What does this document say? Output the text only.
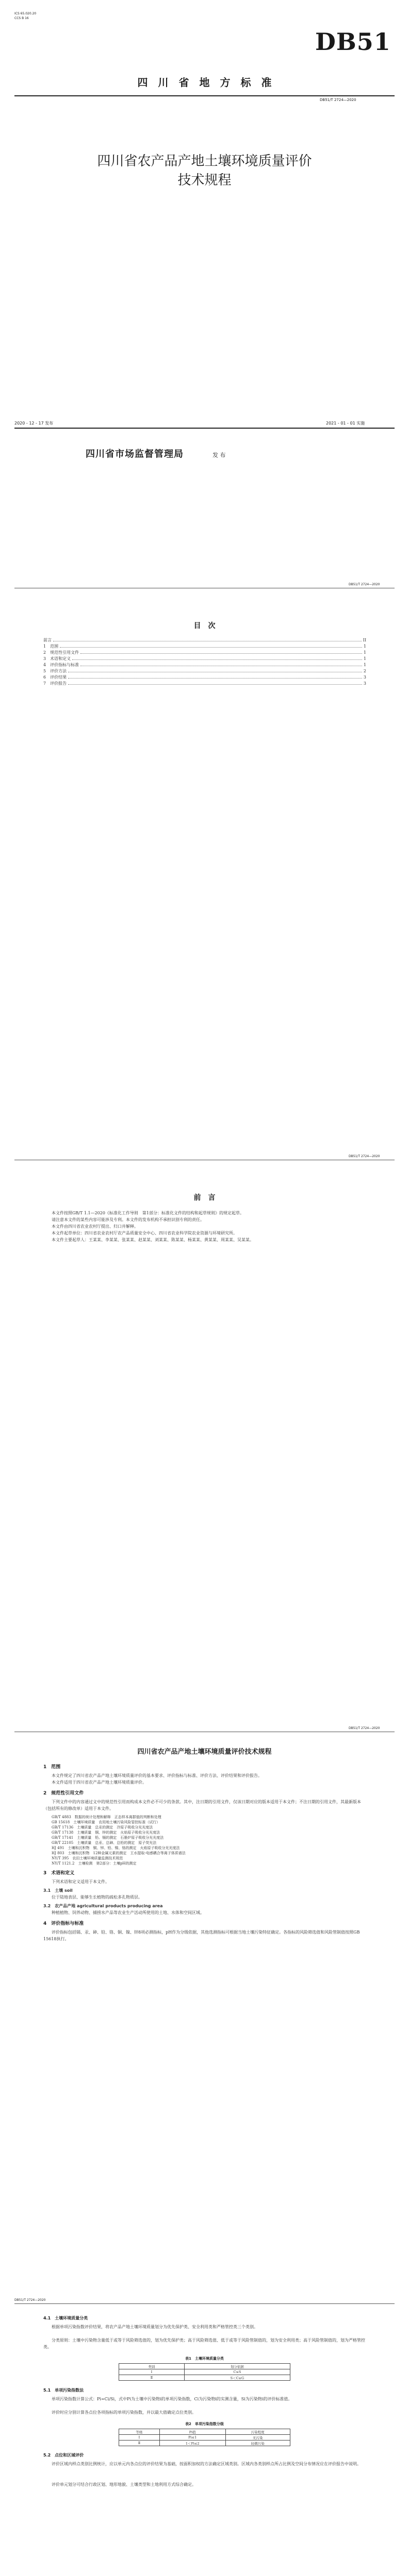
ICS 65.020.20
CCS B 16
DB51
四　川　省　地　方　标　准
DB51/T 2724—2020
四川省农产品产地土壤环境质量评价
技术规程
2020 - 12 - 17 发布	2021 - 01 - 01 实施
四川省市场监督管理局	发 布
DB51/T 2724—2020
目　次
前言	II
1　范围	1
2　规范性引用文件	1
3　术语和定义	1
4　评价指标与标准	1
5　评价方法	2
6　评价结果	3
7　评价报告	3
DB51/T 2724—2020
前　言
本文件按照GB/T 1.1—2020《标准化工作导则　第1部分：标准化文件的结构和起草规则》的规定起草。
请注意本文件的某些内容可能涉及专利。本文件的发布机构不承担识别专利的责任。
本文件由四川省农业农村厅提出、归口并解释。
本文件起草单位：四川省农业农村厅农产品质量安全中心、四川省农业科学院农业资源与环境研究所。
本文件主要起草人：王某某、李某某、张某某、赵某某、刘某某、陈某某、杨某某、黄某某、周某某、吴某某。
DB51/T 2724—2020
四川省农产品产地土壤环境质量评价技术规程
1　范围
本文件规定了四川省农产品产地土壤环境质量评价的基本要求、评价指标与标准、评价方法、评价结果和评价报告。
本文件适用于四川省农产品产地土壤环境质量评价。
2　规范性引用文件
下列文件中的内容通过文中的规范性引用而构成本文件必不可少的条款。其中，注日期的引用文件，仅该日期对应的版本适用于本文件；不注日期的引用文件，其最新版本（包括所有的修改单）适用于本文件。
GB/T 4883　数据的统计处理和解释　正态样本离群值的判断和处理
GB 15618　土壤环境质量　农用地土壤污染风险管控标准（试行）
GB/T 17136　土壤质量　总汞的测定　冷原子吸收分光光度法
GB/T 17138　土壤质量　铜、锌的测定　火焰原子吸收分光光度法
GB/T 17141　土壤质量　铅、镉的测定　石墨炉原子吸收分光光度法
GB/T 22105　土壤质量　总汞、总砷、总铅的测定　原子荧光法
HJ 491　土壤和沉积物　铜、锌、铅、镍、铬的测定　火焰原子吸收分光光度法
HJ 803　土壤和沉积物　12种金属元素的测定　王水提取-电感耦合等离子体质谱法
NY/T 395　农田土壤环境质量监测技术规范
NY/T 1121.2　土壤检测　第2部分：土壤pH的测定
3　术语和定义
下列术语和定义适用于本文件。
3.1　土壤 soil
位于陆地表层、能够生长植物的疏松多孔物质层。
3.2　农产品产地 agricultural products producing area
种植植物、饲养动物、捕捞水产品等农业生产活动所使用的土地、水体和空间区域。
4　评价指标与标准
评价指标包括镉、汞、砷、铅、铬、铜、镍、锌8项必测指标，pH作为分级依据，其他选测指标可根据当地土壤污染特征确定。各指标的风险筛选值和风险管制值按照GB 15618执行。
DB51/T 2724—2020
4.1　土壤环境质量分类
根据单项污染指数评价结果，将农产品产地土壤环境质量划分为优先保护类、安全利用类和严格管控类三个类别。
分类原则：土壤中污染物含量低于或等于风险筛选值的，划为优先保护类；高于风险筛选值、低于或等于风险管制值的，划为安全利用类；高于风险管制值的，划为严格管控类。
表1　土壤环境质量分类
类别	划分依据
Ⅰ	C≤S
Ⅱ	S＜C≤G
5.1　单项污染指数法
单项污染指数计算公式：Pi=Ci/Si，式中Pi为土壤中污染物i的单项污染指数，Ci为污染物i的实测含量，Si为污染物i的评价标准值。
评价时应分别计算各点位各项指标的单项污染指数，并以最大值确定点位类别。
表2　单项污染指数分级
等级	Pi值	污染程度
Ⅰ	Pi≤1	无污染
Ⅱ	1＜Pi≤2	轻微污染
5.2　点位和区域评价
评价区域内样点类别比例统计，应以单元内各点位的评价结果为基础，按面积加权的方法确定区域类别。区域内各类别样点所占比例及空间分布情况应在评价报告中说明。
评价单元划分可结合行政区划、地形地貌、土壤类型和土地利用方式综合确定。
